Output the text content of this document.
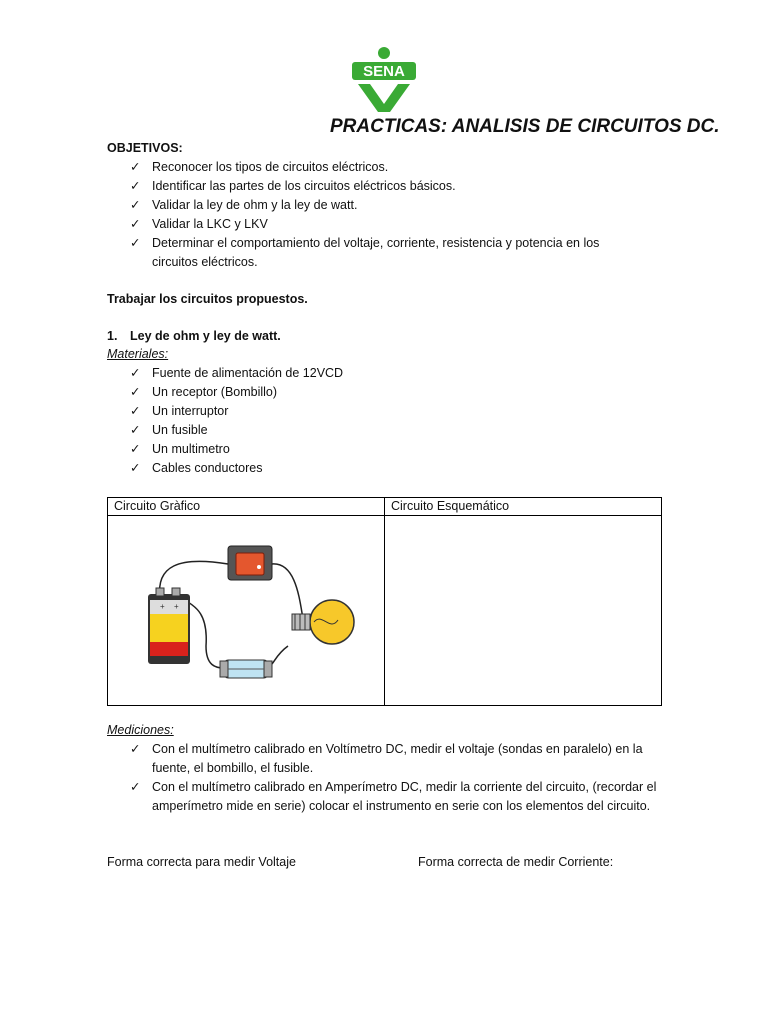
SENA
PRACTICAS: ANALISIS DE CIRCUITOS DC.
OBJETIVOS:
✓ Reconocer los tipos de circuitos eléctricos.
✓ Identificar las partes de los circuitos eléctricos básicos.
✓ Validar la ley de ohm y la ley de watt.
✓ Validar la LKC y LKV
✓ Determinar el comportamiento del voltaje, corriente, resistencia y potencia en los circuitos eléctricos.
Trabajar los circuitos propuestos.
1. Ley de ohm y ley de watt.
Materiales:
✓ Fuente de alimentación de 12VCD
✓ Un receptor (Bombillo)
✓ Un interruptor
✓ Un fusible
✓ Un multimetro
✓ Cables conductores
Circuito Gràfico	Circuito Esquemático

+ +	

Mediciones:
✓ Con el multímetro calibrado en Voltímetro DC, medir el voltaje (sondas en paralelo) en la fuente, el bombillo, el fusible.
✓ Con el multímetro calibrado en Amperímetro DC, medir la corriente del circuito, (recordar el amperímetro mide en serie) colocar el instrumento en serie con los elementos del circuito.
Forma correcta para medir Voltaje	Forma correcta de medir Corriente:
